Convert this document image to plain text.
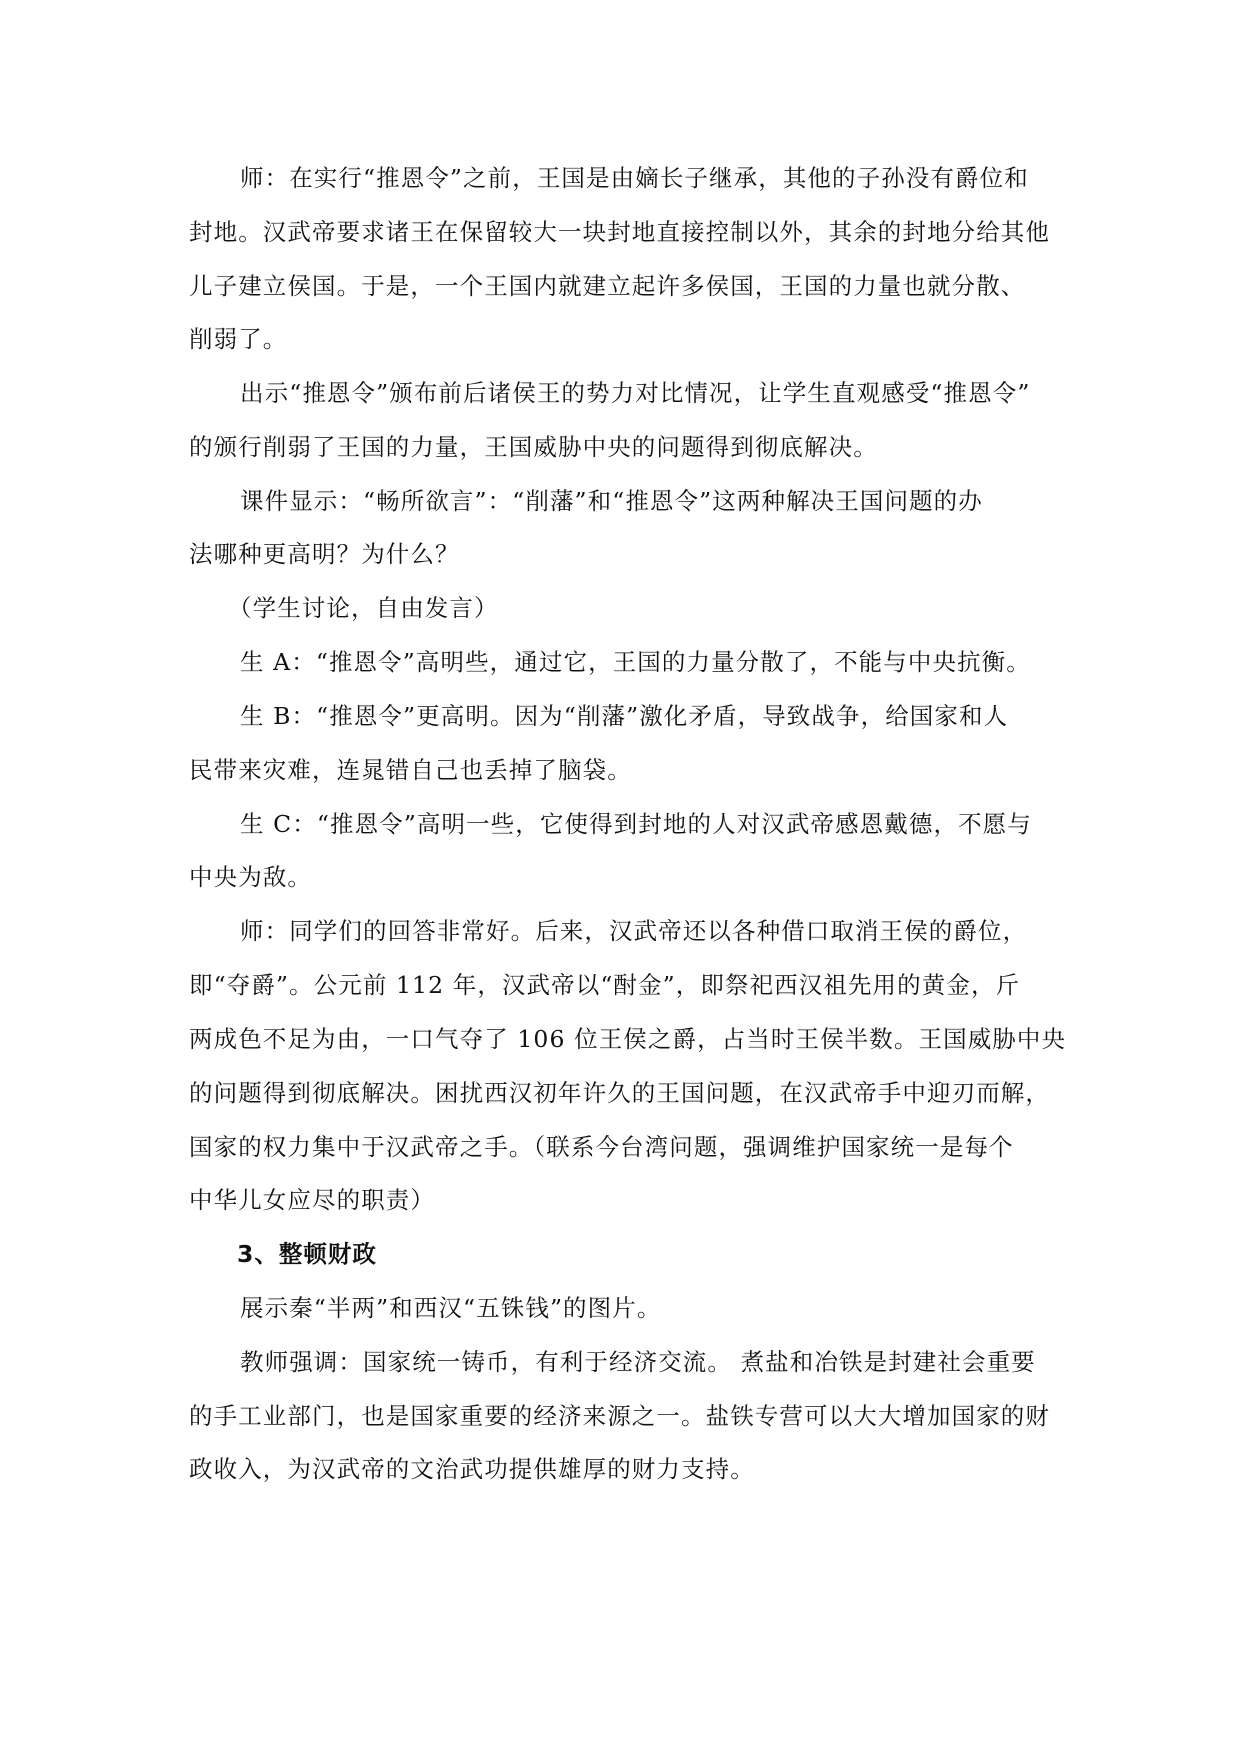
师：在实行“推恩令”之前，王国是由嫡长子继承，其他的子孙没有爵位和
封地。汉武帝要求诸王在保留较大一块封地直接控制以外，其余的封地分给其他
儿子建立侯国。于是，一个王国内就建立起许多侯国，王国的力量也就分散、
削弱了。
出示“推恩令”颁布前后诸侯王的势力对比情况，让学生直观感受“推恩令”
的颁行削弱了王国的力量，王国威胁中央的问题得到彻底解决。
课件显示：“畅所欲言”：“削藩”和“推恩令”这两种解决王国问题的办
法哪种更高明？为什么？
（学生讨论，自由发言）
生 A：“推恩令”高明些，通过它，王国的力量分散了，不能与中央抗衡。
生 B：“推恩令”更高明。因为“削藩”激化矛盾，导致战争，给国家和人
民带来灾难，连晁错自己也丢掉了脑袋。
生 C：“推恩令”高明一些，它使得到封地的人对汉武帝感恩戴德，不愿与
中央为敌。
师：同学们的回答非常好。后来，汉武帝还以各种借口取消王侯的爵位，
即“夺爵”。公元前 112 年，汉武帝以“酎金”，即祭祀西汉祖先用的黄金，斤
两成色不足为由，一口气夺了 106 位王侯之爵，占当时王侯半数。王国威胁中央
的问题得到彻底解决。困扰西汉初年许久的王国问题，在汉武帝手中迎刃而解，
国家的权力集中于汉武帝之手。（联系今台湾问题，强调维护国家统一是每个
中华儿女应尽的职责）
3、整顿财政
展示秦“半两”和西汉“五铢钱”的图片。
教师强调：国家统一铸币，有利于经济交流。 煮盐和冶铁是封建社会重要
的手工业部门，也是国家重要的经济来源之一。盐铁专营可以大大增加国家的财
政收入，为汉武帝的文治武功提供雄厚的财力支持。
